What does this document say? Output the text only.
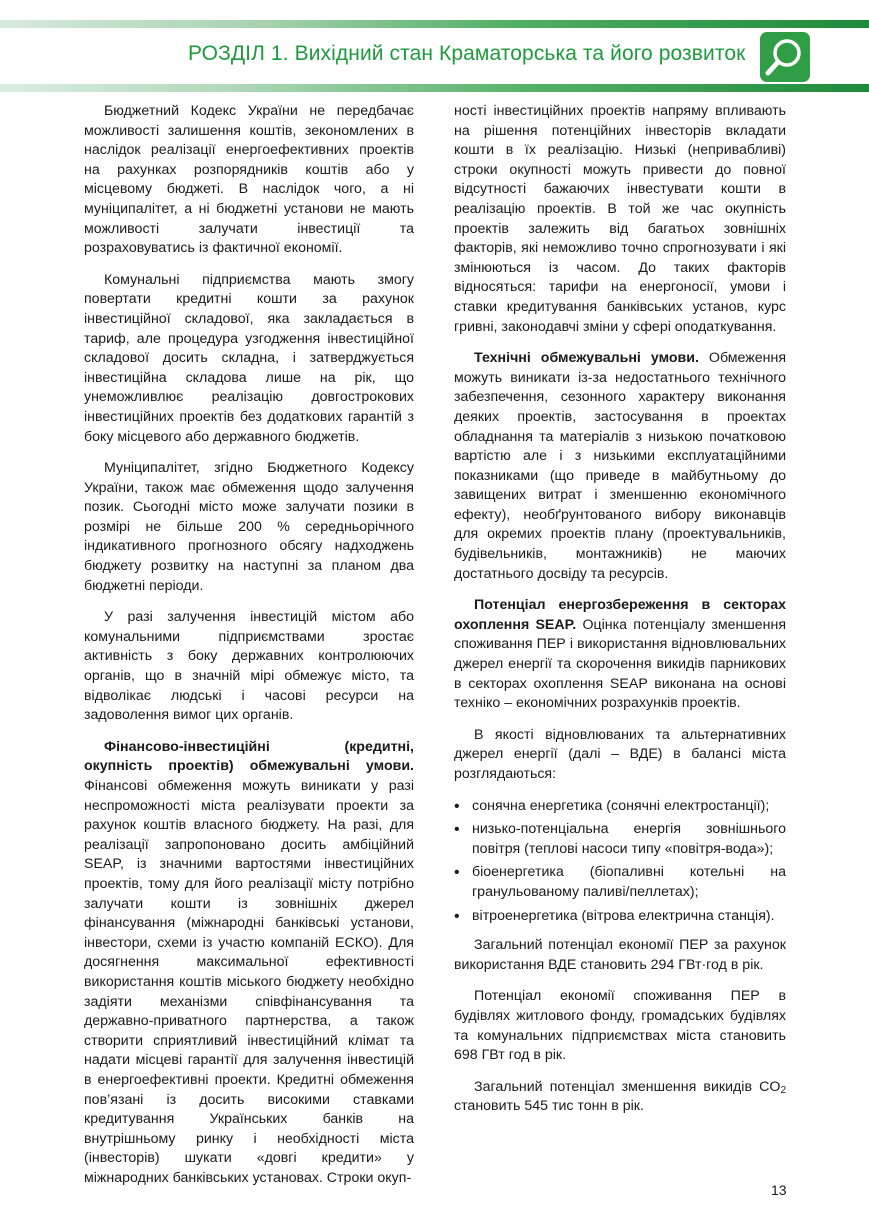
РОЗДІЛ 1. Вихідний стан Краматорська та його розвиток

Бюджетний Кодекс України не передбачає можливості залишення коштів, зекономлених в наслідок реалізації енергоефективних проектів на рахунках розпорядників коштів або у місцевому бюджеті. В наслідок чого, а ні муніципалітет, а ні бюджетні установи не мають можливості залучати інвестиції та розраховуватись із фактичної економії.

Комунальні підприємства мають змогу повертати кредитні кошти за рахунок інвестиційної складової, яка закладається в тариф, але процедура узгодження інвестиційної складової досить складна, і затверджується інвестиційна складова лише на рік, що унеможливлює реалізацію довгострокових інвестиційних проектів без додаткових гарантій з боку місцевого або державного бюджетів.

Муніципалітет, згідно Бюджетного Кодексу України, також має обмеження щодо залучення позик. Сьогодні місто може залучати позики в розмірі не більше 200 % середньорічного індикативного прогнозного обсягу надходжень бюджету розвитку на наступні за планом два бюджетні періоди.

У разі залучення інвестицій містом або комунальними підприємствами зростає активність з боку державних контролюючих органів, що в значній мірі обмежує місто, та відволікає людські і часові ресурси на задоволення вимог цих органів.

Фінансово-інвестиційні (кредитні, окупність проектів) обмежувальні умови. Фінансові обмеження можуть виникати у разі неспроможності міста реалізувати проекти за рахунок коштів власного бюджету. На разі, для реалізації запропоновано досить амбіційний SEAP, із значними вартостями інвестиційних проектів, тому для його реалізації місту потрібно залучати кошти із зовнішніх джерел фінансування (міжнародні банківські установи, інвестори, схеми із участю компаній ЕСКО). Для досягнення максимальної ефективності використання коштів міського бюджету необхідно задіяти механізми співфінансування та державно-приватного партнерства, а також створити сприятливий інвестиційний клімат та надати місцеві гарантії для залучення інвестицій в енергоефективні проекти. Кредитні обмеження пов’язані із досить високими ставками кредитування Українських банків на внутрішньому ринку і необхідності міста (інвесторів) шукати «довгі кредити» у міжнародних банківських установах. Строки окуп-

ності інвестиційних проектів напряму впливають на рішення потенційних інвесторів вкладати кошти в їх реалізацію. Низькі (непривабливі) строки окупності можуть привести до повної відсутності бажаючих інвестувати кошти в реалізацію проектів. В той же час окупність проектів залежить від багатьох зовнішніх факторів, які неможливо точно спрогнозувати і які змінюються із часом. До таких факторів відносяться: тарифи на енергоносії, умови і ставки кредитування банківських установ, курс гривні, законодавчі зміни у сфері оподаткування.

Технічні обмежувальні умови. Обмеження можуть виникати із-за недостатнього технічного забезпечення, сезонного характеру виконання деяких проектів, застосування в проектах обладнання та матеріалів з низькою початковою вартістю але і з низькими експлуатаційними показниками (що приведе в майбутньому до завищених витрат і зменшенню економічного ефекту), необґрунтованого вибору виконавців для окремих проектів плану (проектувальників, будівельників, монтажників) не маючих достатнього досвіду та ресурсів.

Потенціал енергозбереження в секторах охоплення SEAP. Оцінка потенціалу зменшення споживання ПЕР і використання відновлювальних джерел енергії та скорочення викидів парникових в секторах охоплення SEAP виконана на основі техніко – економічних розрахунків проектів.

В якості відновлюваних та альтернативних джерел енергії (далі – ВДЕ) в балансі міста розглядаються:

• сонячна енергетика (сонячні електростанції);
• низько-потенціальна енергія зовнішнього повітря (теплові насоси типу «повітря-вода»);
• біоенергетика (біопаливні котельні на гранульованому паливі/пеллетах);
• вітроенергетика (вітрова електрична станція).

Загальний потенціал економії ПЕР за рахунок використання ВДЕ становить 294 ГВт·год в рік.

Потенціал економії споживання ПЕР в будівлях житлового фонду, громадських будівлях та комунальних підприємствах міста становить 698 ГВт год в рік.

Загальний потенціал зменшення викидів $CO_2$ становить 545 тис тонн в рік.

13
